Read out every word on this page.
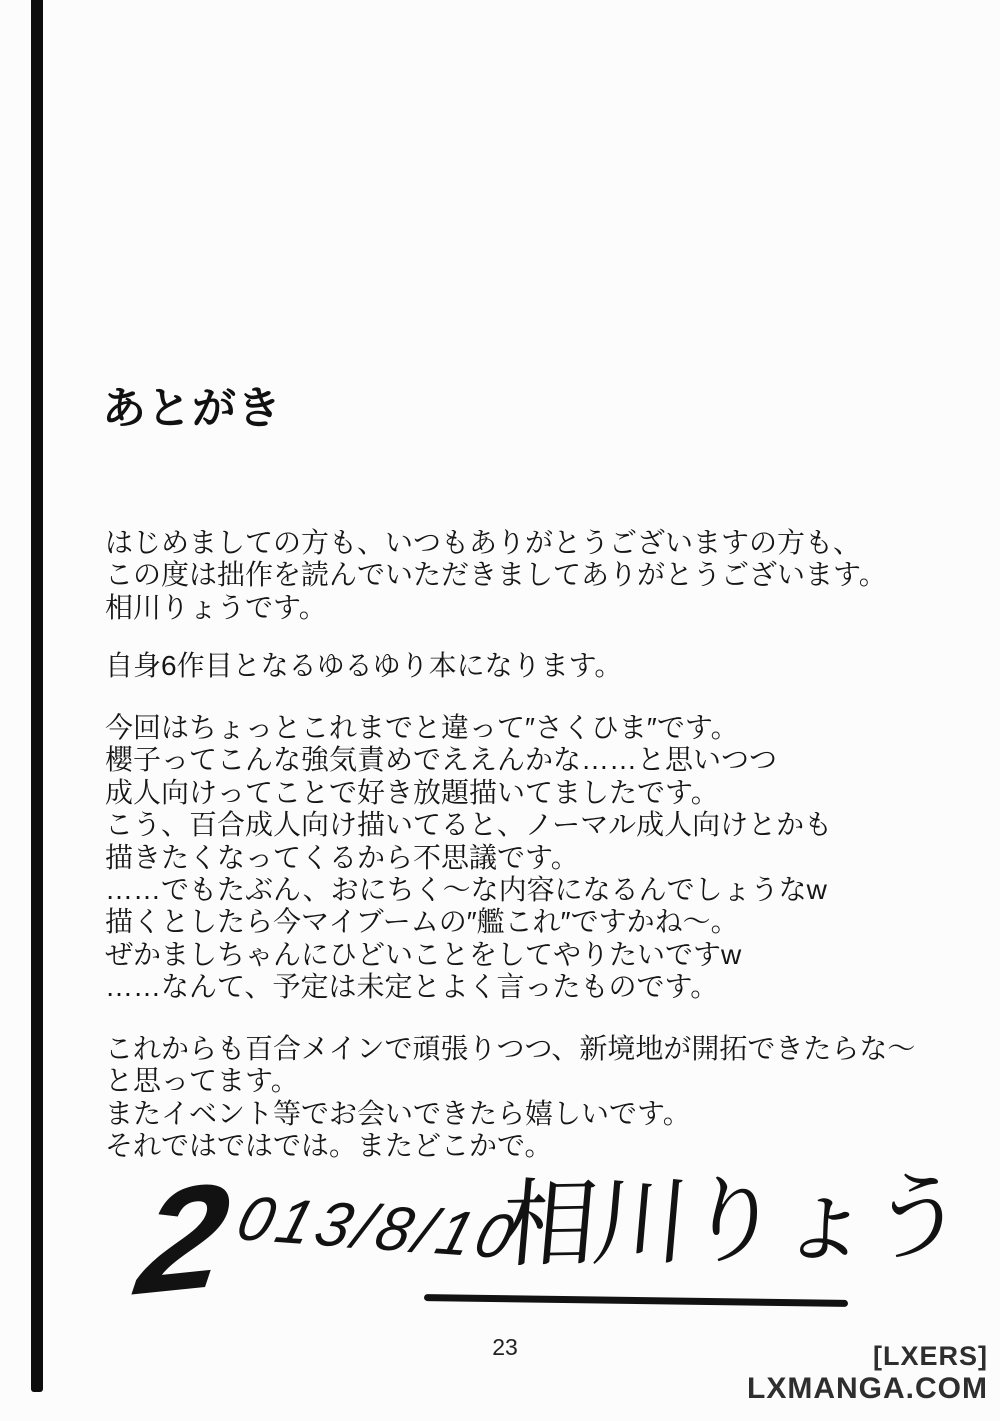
あとがき
はじめましての方も、いつもありがとうございますの方も、
この度は拙作を読んでいただきましてありがとうございます。
相川りょうです。
自身6作目となるゆるゆり本になります。
今回はちょっとこれまでと違って″さくひま″です。
櫻子ってこんな強気責めでええんかな……と思いつつ
成人向けってことで好き放題描いてましたです。
こう、百合成人向け描いてると、ノーマル成人向けとかも
描きたくなってくるから不思議です。
……でもたぶん、おにちく～な内容になるんでしょうなw
描くとしたら今マイブームの″艦これ″ですかね～。
ぜかましちゃんにひどいことをしてやりたいですw
……なんて、予定は未定とよく言ったものです。
これからも百合メインで頑張りつつ、新境地が開拓できたらな～
と思ってます。
またイベント等でお会いできたら嬉しいです。
それではではでは。またどこかで。
2
013/8/10
相川りょう
23	[LXERS]
LXMANGA.COM
